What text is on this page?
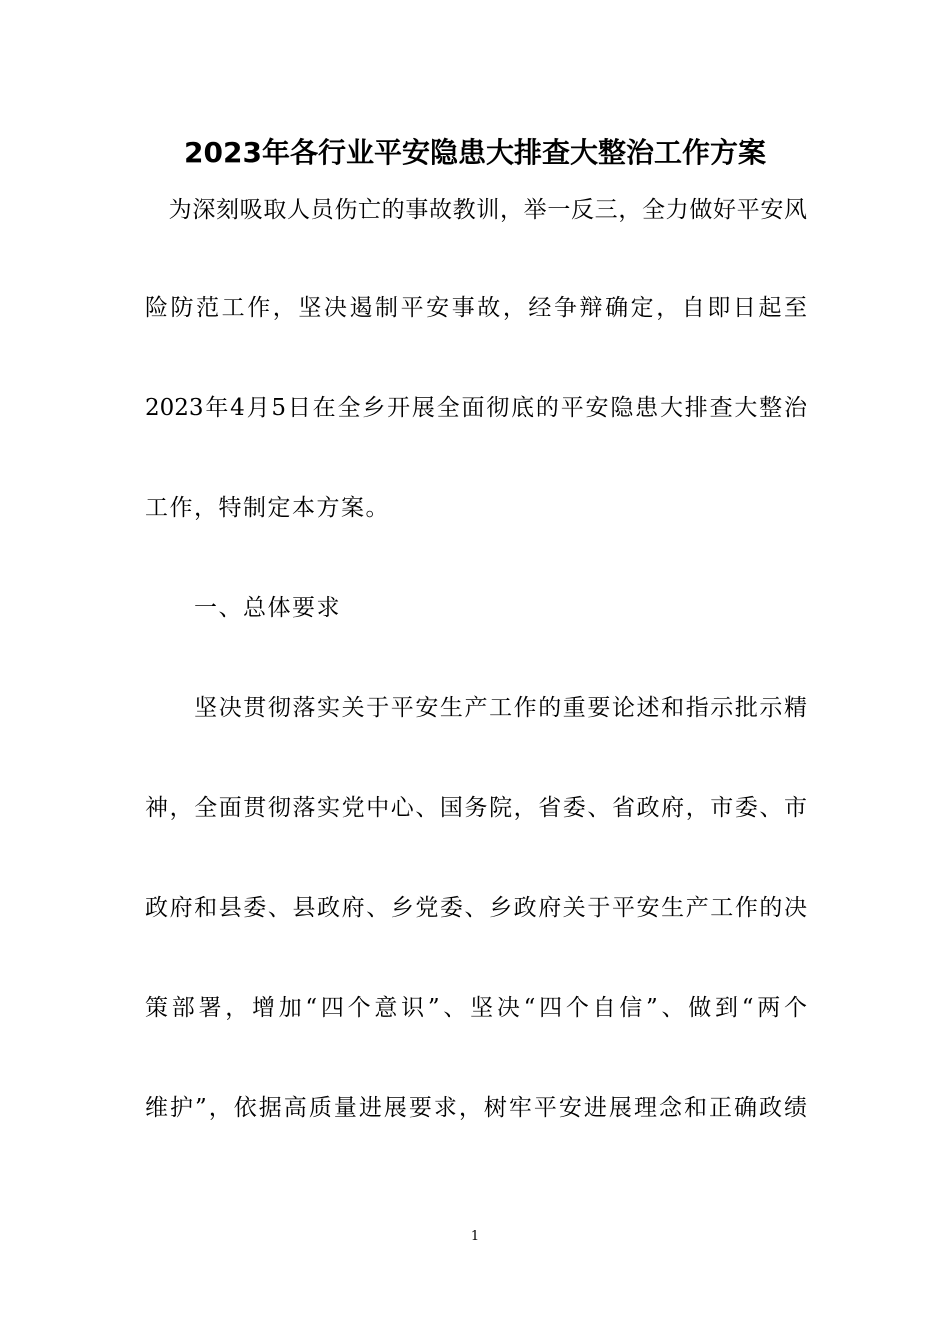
2023年各行业平安隐患大排查大整治工作方案
　为深刻吸取人员伤亡的事故教训，举一反三，全力做好平安风
险防范工作，坚决遏制平安事故，经争辩确定，自即日起至
2023年4月5日在全乡开展全面彻底的平安隐患大排查大整治
工作，特制定本方案。
　　一、总体要求
　　坚决贯彻落实关于平安生产工作的重要论述和指示批示精
神，全面贯彻落实党中心、国务院，省委、省政府，市委、市
政府和县委、县政府、乡党委、乡政府关于平安生产工作的决
策部署，增加“四个意识”、坚决“四个自信”、做到“两个
维护”，依据高质量进展要求，树牢平安进展理念和正确政绩
1
